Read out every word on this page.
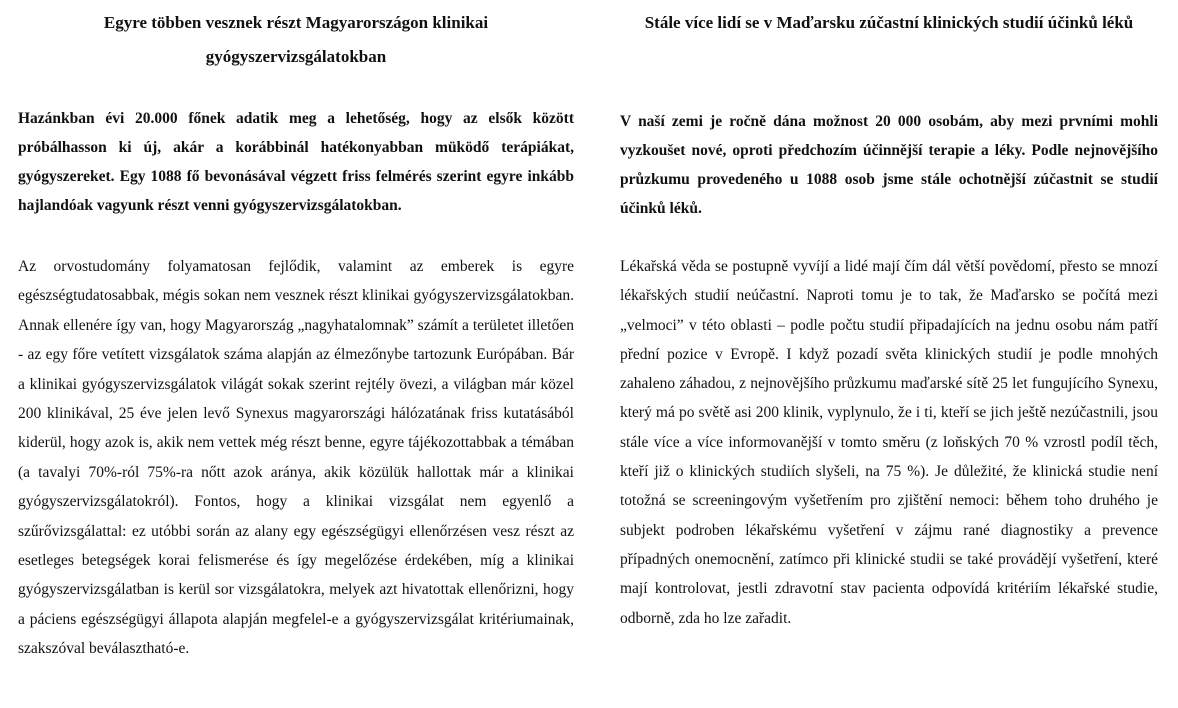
Egyre többen vesznek részt Magyarországon klinikai gyógyszervizsgálatokban

Hazánkban évi 20.000 főnek adatik meg a lehetőség, hogy az elsők között próbálhasson ki új, akár a korábbinál hatékonyabban müködő terápiákat, gyógyszereket. Egy 1088 fő bevonásával végzett friss felmérés szerint egyre inkább hajlandóak vagyunk részt venni gyógyszervizsgálatokban.

Az orvostudomány folyamatosan fejlődik, valamint az emberek is egyre egészségtudatosabbak, mégis sokan nem vesznek részt klinikai gyógyszervizsgálatokban. Annak ellenére így van, hogy Magyarország „nagyhatalomnak” számít a területet illetően - az egy főre vetített vizsgálatok száma alapján az élmezőnybe tartozunk Európában. Bár a klinikai gyógyszervizsgálatok világát sokak szerint rejtély övezi, a világban már közel 200 klinikával, 25 éve jelen levő Synexus magyarországi hálózatának friss kutatásából kiderül, hogy azok is, akik nem vettek még részt benne, egyre tájékozottabbak a témában (a tavalyi 70%-ról 75%-ra nőtt azok aránya, akik közülük hallottak már a klinikai gyógyszervizsgálatokról). Fontos, hogy a klinikai vizsgálat nem egyenlő a szűrővizsgálattal: ez utóbbi során az alany egy egészségügyi ellenőrzésen vesz részt az esetleges betegségek korai felismerése és így megelőzése érdekében, míg a klinikai gyógyszervizsgálatban is kerül sor vizsgálatokra, melyek azt hivatottak ellenőrizni, hogy a páciens egészségügyi állapota alapján megfelel-e a gyógyszervizsgálat kritériumainak, szakszóval beválasztható-e.

Stále více lidí se v Maďarsku zúčastní klinických studií účinků léků

V naší zemi je ročně dána možnost 20 000 osobám, aby mezi prvními mohli vyzkoušet nové, oproti předchozím účinnější terapie a léky. Podle nejnovějšího průzkumu provedeného u 1088 osob jsme stále ochotnější zúčastnit se studií účinků léků.

Lékařská věda se postupně vyvíjí a lidé mají čím dál větší povědomí, přesto se mnozí lékařských studií neúčastní. Naproti tomu je to tak, že Maďarsko se počítá mezi „velmoci” v této oblasti – podle počtu studií připadajících na jednu osobu nám patří přední pozice v Evropě. I když pozadí světa klinických studií je podle mnohých zahaleno záhadou, z nejnovějšího průzkumu maďarské sítě 25 let fungujícího Synexu, který má po světě asi 200 klinik, vyplynulo, že i ti, kteří se jich ještě nezúčastnili, jsou stále více a více informovanější v tomto směru (z loňských 70 % vzrostl podíl těch, kteří již o klinických studiích slyšeli, na 75 %). Je důležité, že klinická studie není totožná se screeningovým vyšetřením pro zjištění nemoci: během toho druhého je subjekt podroben lékařskému vyšetření v zájmu rané diagnostiky a prevence případných onemocnění, zatímco při klinické studii se také provádějí vyšetření, které mají kontrolovat, jestli zdravotní stav pacienta odpovídá kritériím lékařské studie, odborně, zda ho lze zařadit.
